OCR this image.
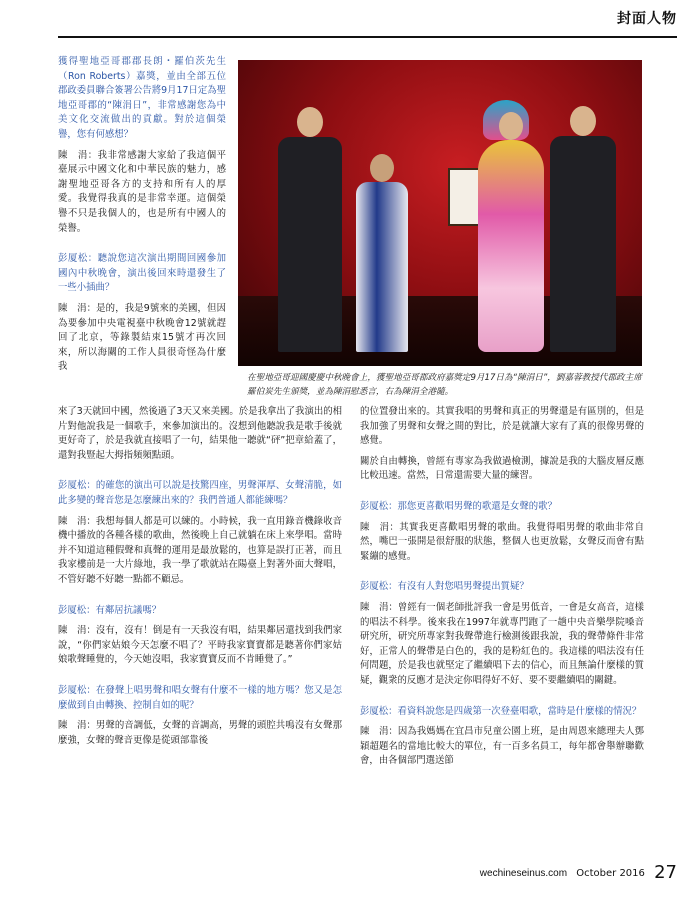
封面人物
在聖地亞哥迎國慶慶中秋晚會上，獲聖地亞哥郡政府嘉獎定9月17日為“陳涓日”，劉嘉蓉教授代郡政主席羅伯炭先生頒獎，並為陳涓慰悉言，右為陳涓全港隨。

獲得聖地亞哥郡郡長朗・羅伯茨先生（Ron Roberts）嘉獎，並由全部五位郡政委員聯合簽署公告將9月17日定為聖地亞哥郡的“陳涓日”，非常感謝您為中美文化交流做出的貢獻。對於這個榮譽，您有何感想？

陳　涓：我非常感謝大家給了我這個平臺展示中國文化和中華民族的魅力，感謝聖地亞哥各方的支持和所有人的厚愛。我覺得我真的是非常幸運。這個榮譽不只是我個人的，也是所有中國人的榮譽。

彭厦松：聽說您這次演出期間回國參加國內中秋晚會，演出後回來時還發生了一些小插曲？

陳　涓：是的，我是9號來的美國，但因為要參加中央電視臺中秋晚會12號就趕回了北京，等錄製結束15號才再次回來，所以海關的工作人員很奇怪為什麼我

來了3天就回中國，然後過了3天又來美國。於是我拿出了我演出的相片對他說我是一個歌手，來參加演出的。沒想到他聽說我是歌手後就更好奇了，於是我就直接唱了一句，結果他一聽就“砰”把章給蓋了，還對我豎起大拇指頻頻點頭。

彭厦松：的確您的演出可以說是技驚四座，男聲渾厚、女聲清脆，如此多變的聲音您是怎麼練出來的？我們普通人都能練嗎？

陳　涓：我想每個人都是可以練的。小時候，我一直用錄音機錄收音機中播放的各種各樣的歌曲，然後晚上自己就躺在床上來學唱。當時并不知道這種假聲和真聲的運用是最放鬆的，也算是誤打正著，而且我家樓前是一大片綠地，我一學了歌就站在陽臺上對著外面大聲唱，不管好聽不好聽一點都不顧忌。

彭厦松：有鄰居抗議嗎？

陳　涓：沒有，沒有！倒是有一天我沒有唱，結果鄰居還找到我們家說，“你們家姑娘今天怎麼不唱了？平時我家寶寶都是聽著你們家姑娘歌聲睡覺的，今天她沒唱，我家寶寶反而不肯睡覺了。”

彭厦松：在發聲上唱男聲和唱女聲有什麼不一樣的地方嗎？您又是怎麼做到自由轉換、控制自如的呢？

陳　涓：男聲的音調低，女聲的音調高，男聲的頭腔共鳴沒有女聲那麼強，女聲的聲音更像是從頭部靠後

的位置發出來的。其實我唱的男聲和真正的男聲還是有區別的，但是我加強了男聲和女聲之間的對比，於是就讓大家有了真的很像男聲的感覺。

關於自由轉換，曾經有專家為我做過檢測，據說是我的大腦皮層反應比較迅速。當然，日常還需要大量的練習。

彭厦松：那您更喜歡唱男聲的歌還是女聲的歌？

陳　涓：其實我更喜歡唱男聲的歌曲。我覺得唱男聲的歌曲非常自然，嘴巴一張開是很舒服的狀態，整個人也更放鬆，女聲反而會有點緊繃的感覺。

彭厦松：有沒有人對您唱男聲提出質疑？

陳　涓：曾經有一個老師批評我一會是男低音，一會是女高音，這樣的唱法不科學。後來我在1997年就專門跑了一趟中央音樂學院嗓音研究所，研究所專家對我聲帶進行檢測後跟我說，我的聲帶條件非常好，正常人的聲帶是白色的，我的是粉紅色的。我這樣的唱法沒有任何問題，於是我也就堅定了繼續唱下去的信心，而且無論什麼樣的質疑，觀衆的反應才是決定你唱得好不好、要不要繼續唱的關鍵。

彭厦松：看資料說您是四歲第一次登臺唱歌，當時是什麼樣的情況？

陳　涓：因為我媽媽在宜昌市兒童公園上班，是由周恩來總理夫人鄧穎超題名的當地比較大的單位，有一百多名員工，每年都會舉辦聯歡會，由各個部門選送節

wechineseinus.com October 2016 27
